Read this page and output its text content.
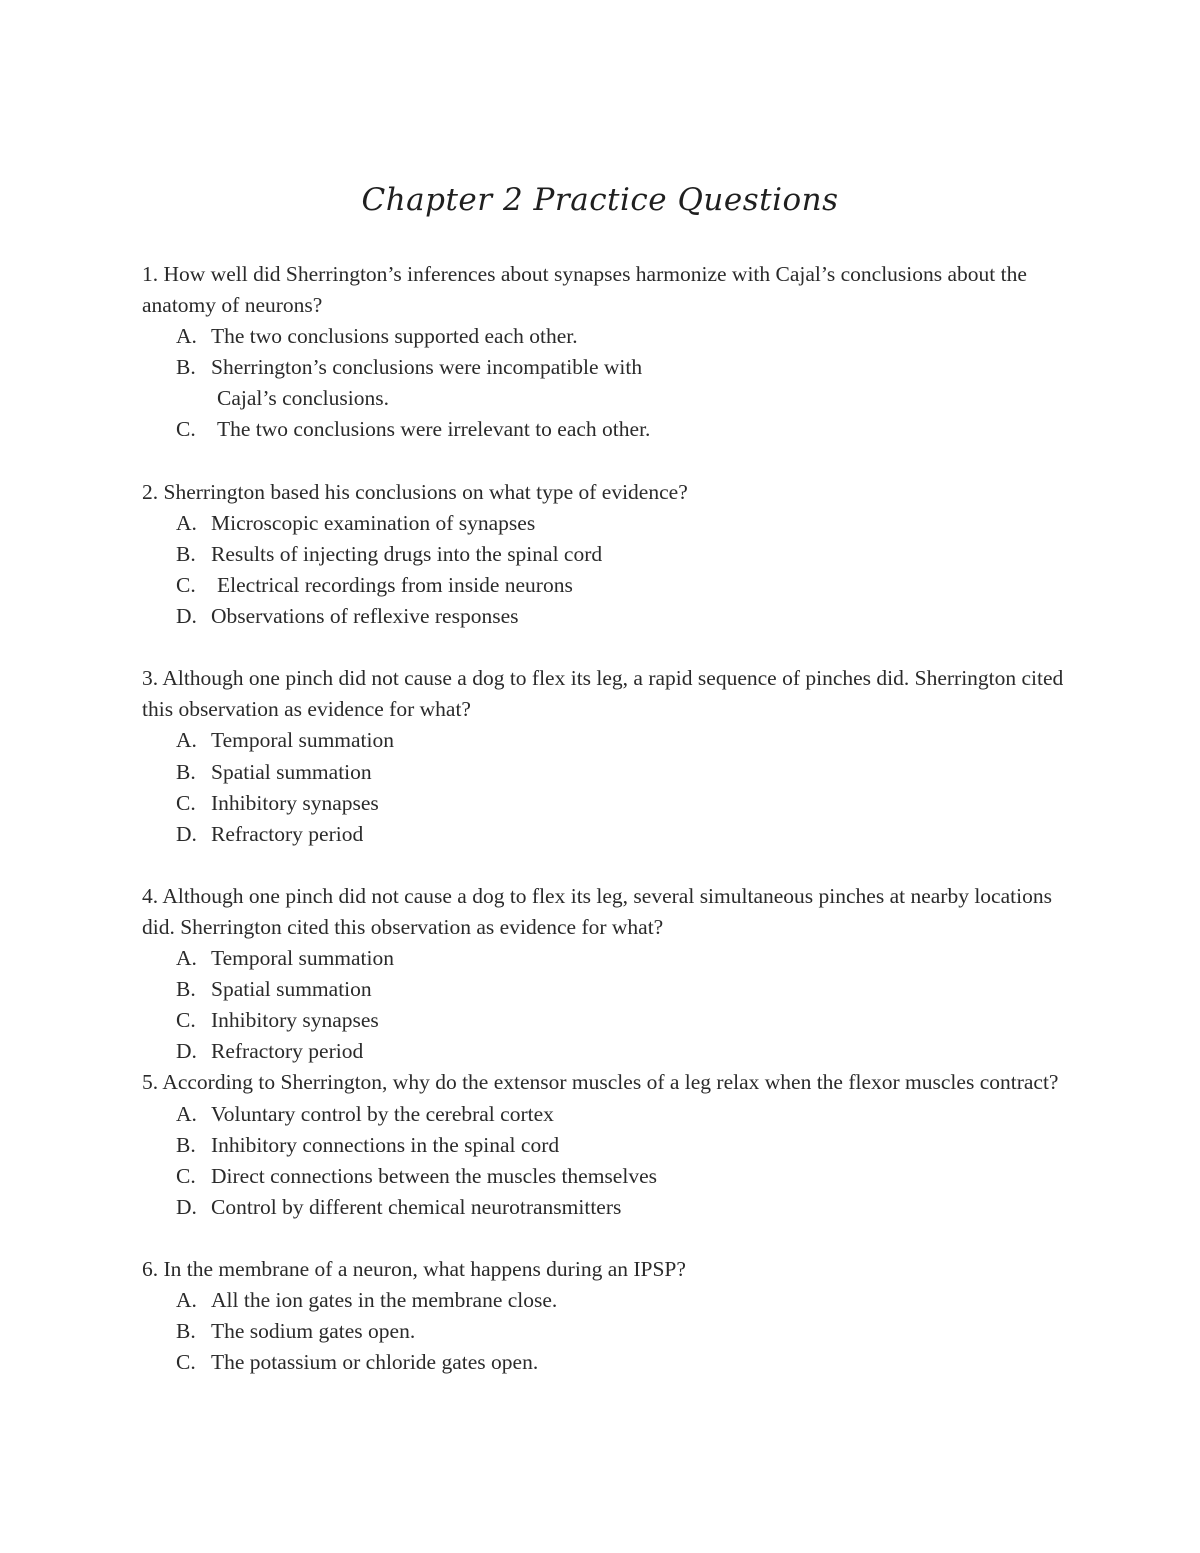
Chapter 2 Practice Questions
1. How well did Sherrington’s inferences about synapses harmonize with Cajal’s conclusions about the anatomy of neurons?
A. The two conclusions supported each other.
B. Sherrington’s conclusions were incompatible with
Cajal’s conclusions.
C. The two conclusions were irrelevant to each other.
2. Sherrington based his conclusions on what type of evidence?
A. Microscopic examination of synapses
B. Results of injecting drugs into the spinal cord
C. Electrical recordings from inside neurons
D. Observations of reflexive responses
3. Although one pinch did not cause a dog to flex its leg, a rapid sequence of pinches did. Sherrington cited this observation as evidence for what?
A. Temporal summation
B. Spatial summation
C. Inhibitory synapses
D. Refractory period
4. Although one pinch did not cause a dog to flex its leg, several simultaneous pinches at nearby locations did. Sherrington cited this observation as evidence for what?
A. Temporal summation
B. Spatial summation
C. Inhibitory synapses
D. Refractory period
5. According to Sherrington, why do the extensor muscles of a leg relax when the flexor muscles contract?
A. Voluntary control by the cerebral cortex
B. Inhibitory connections in the spinal cord
C. Direct connections between the muscles themselves
D. Control by different chemical neurotransmitters
6. In the membrane of a neuron, what happens during an IPSP?
A. All the ion gates in the membrane close.
B. The sodium gates open.
C. The potassium or chloride gates open.
